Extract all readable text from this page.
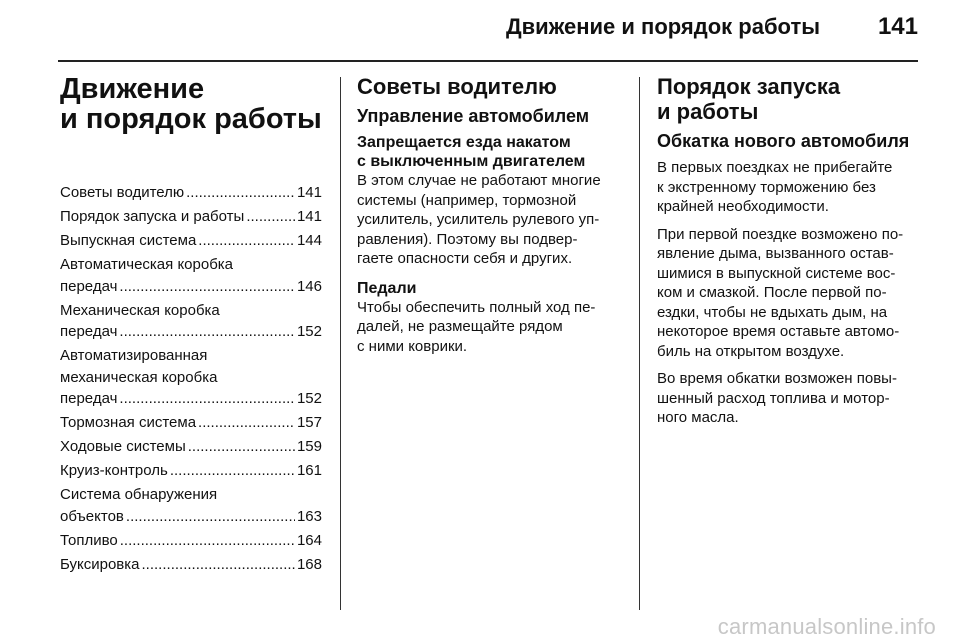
Движение и порядок работы 141
Движение
и порядок работы
Советы водителю .....	141
Порядок запуска и работы .....	141
Выпускная система .....	144
Автоматическая коробка
передач .....	146
Механическая коробка
передач .....	152
Автоматизированная
механическая коробка
передач .....	152
Тормозная система .....	157
Ходовые системы .....	159
Круиз-контроль .....	161
Система обнаружения
объектов .....	163
Топливо .....	164
Буксировка .....	168
Советы водителю
Управление автомобилем
Запрещается езда накатом
с выключенным двигателем

В этом случае не работают многие
системы (например, тормозной
усилитель, усилитель рулевого уп-
равления). Поэтому вы подвер-
гаете опасности себя и других.

Педали

Чтобы обеспечить полный ход пе-
далей, не размещайте рядом
с ними коврики.

Порядок запуска
и работы
Обкатка нового автомобиля

В первых поездках не прибегайте
к экстренному торможению без
крайней необходимости.

При первой поездке возможено по-
явление дыма, вызванного остав-
шимися в выпускной системе вос-
ком и смазкой. После первой по-
ездки, чтобы не вдыхать дым, на
некоторое время оставьте автомо-
биль на открытом воздухе.

Во время обкатки возможен повы-
шенный расход топлива и мотор-
ного масла.

carmanualsonline.info
